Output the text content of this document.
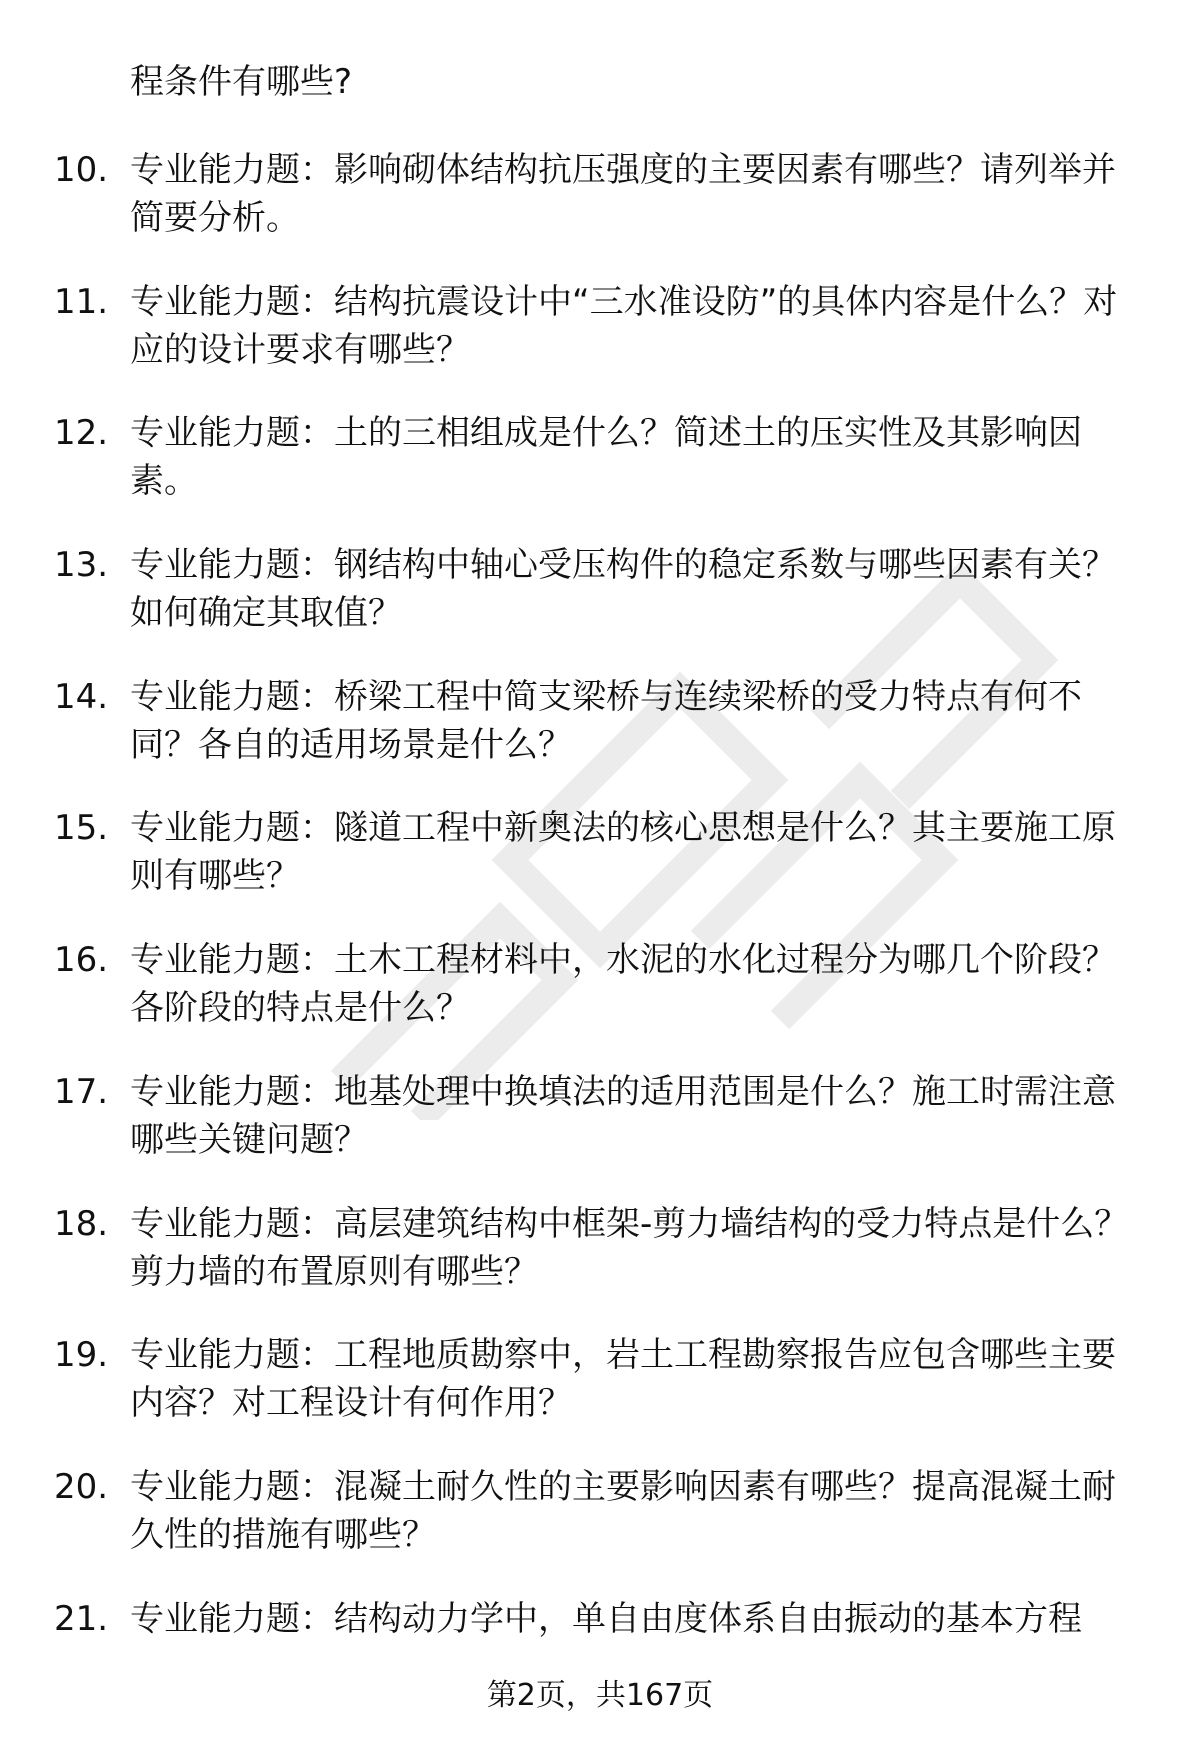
程条件有哪些?
10. 专业能力题：影响砌体结构抗压强度的主要因素有哪些？请列举并简要分析。
11. 专业能力题：结构抗震设计中“三水准设防”的具体内容是什么？对应的设计要求有哪些？
12. 专业能力题：土的三相组成是什么？简述土的压实性及其影响因素。
13. 专业能力题：钢结构中轴心受压构件的稳定系数与哪些因素有关？如何确定其取值？
14. 专业能力题：桥梁工程中简支梁桥与连续梁桥的受力特点有何不同？各自的适用场景是什么？
15. 专业能力题：隧道工程中新奥法的核心思想是什么？其主要施工原则有哪些？
16. 专业能力题：土木工程材料中，水泥的水化过程分为哪几个阶段？各阶段的特点是什么？
17. 专业能力题：地基处理中换填法的适用范围是什么？施工时需注意哪些关键问题？
18. 专业能力题：高层建筑结构中框架-剪力墙结构的受力特点是什么？剪力墙的布置原则有哪些？
19. 专业能力题：工程地质勘察中，岩土工程勘察报告应包含哪些主要内容？对工程设计有何作用？
20. 专业能力题：混凝土耐久性的主要影响因素有哪些？提高混凝土耐久性的措施有哪些？
21. 专业能力题：结构动力学中，单自由度体系自由振动的基本方程
第2页，共167页
